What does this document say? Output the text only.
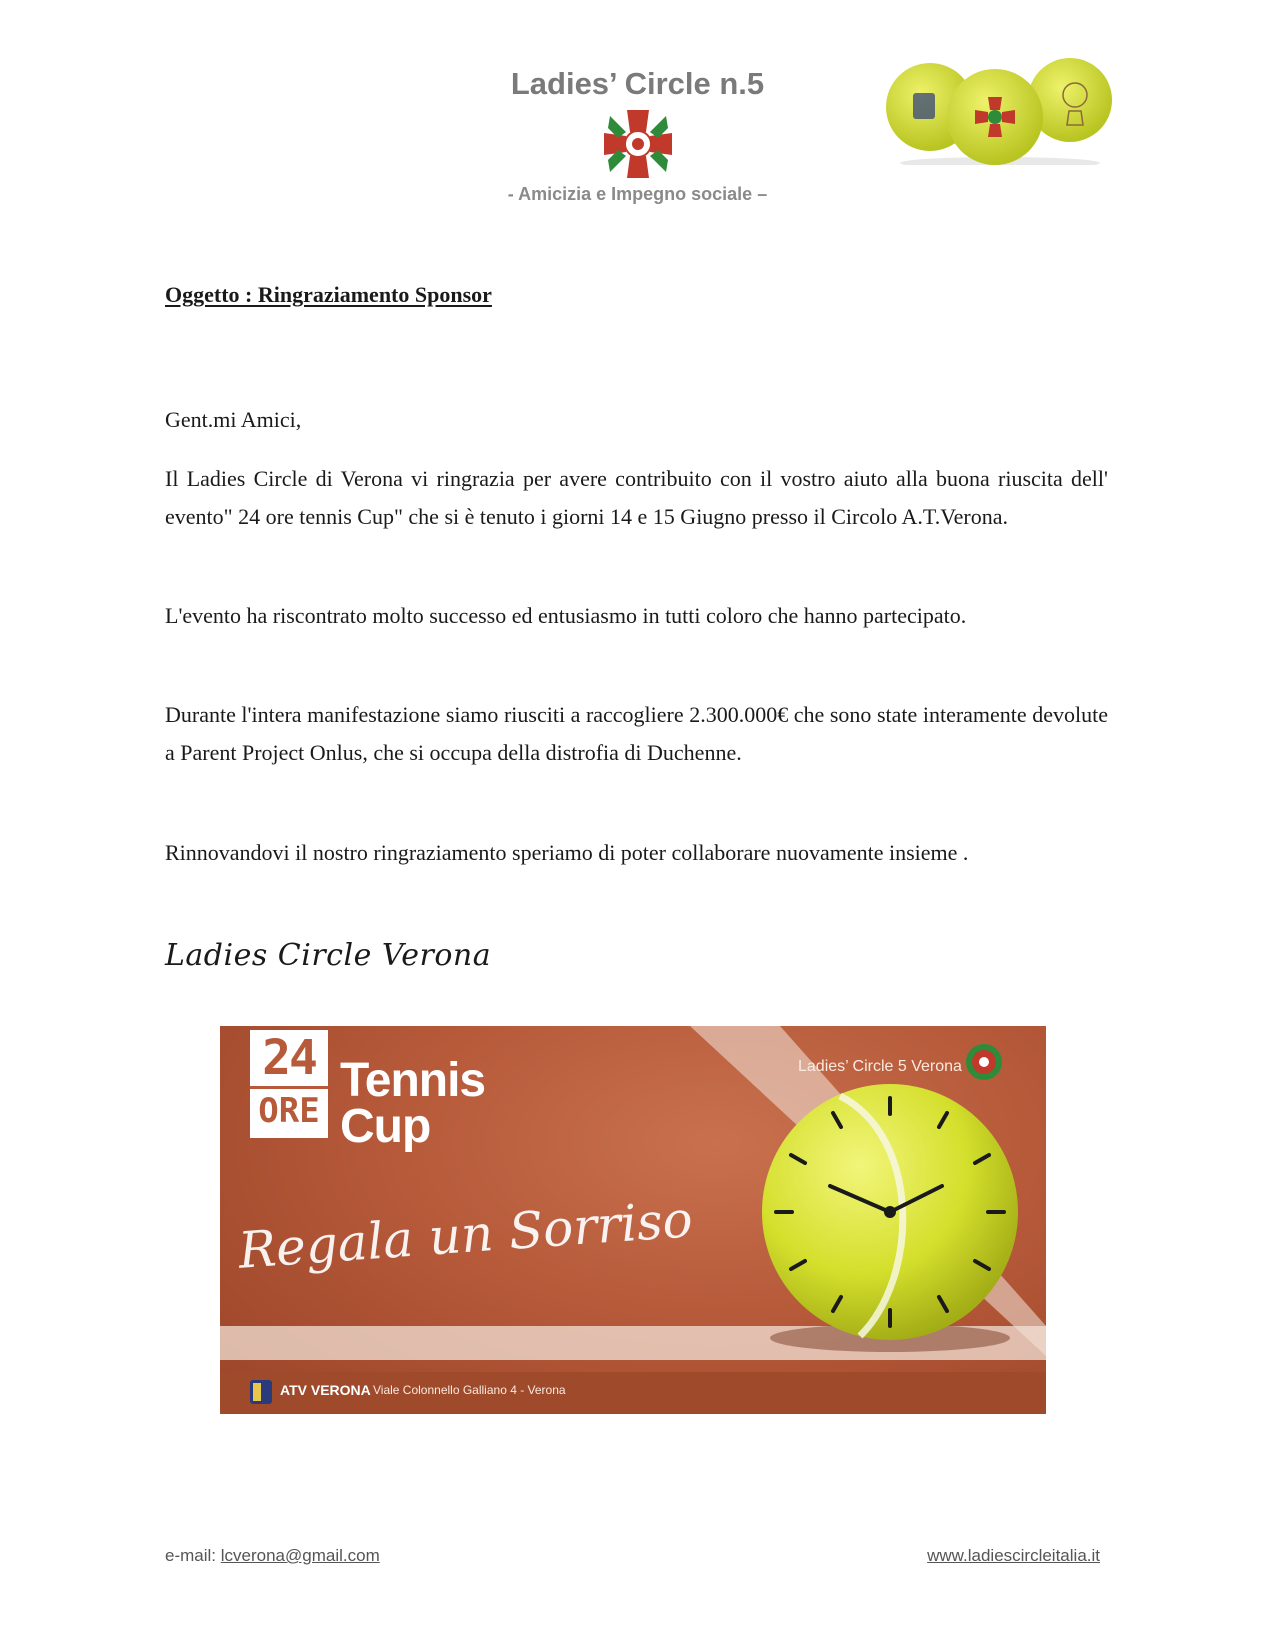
Ladies’ Circle n.5
- Amicizia e Impegno sociale –
Oggetto : Ringraziamento Sponsor
Gent.mi Amici,
Il Ladies Circle di Verona vi ringrazia per avere contribuito con il vostro aiuto alla buona riuscita dell' evento" 24 ore tennis Cup" che si è tenuto i giorni 14 e 15 Giugno presso il Circolo A.T.Verona.
L'evento ha riscontrato molto successo ed entusiasmo in tutti coloro che hanno partecipato.
Durante l'intera manifestazione siamo riusciti a raccogliere 2.300.000€ che sono state interamente devolute a Parent Project Onlus, che si occupa della distrofia di Duchenne.
Rinnovandovi il nostro ringraziamento speriamo di poter collaborare nuovamente insieme .
Ladies Circle Verona
24
ORE
Tennis
Cup
Ladies’ Circle 5 Verona
Regala un Sorriso
ATV VERONA Viale Colonnello Galliano 4 - Verona
e-mail: lcverona@gmail.com	www.ladiescircleitalia.it
